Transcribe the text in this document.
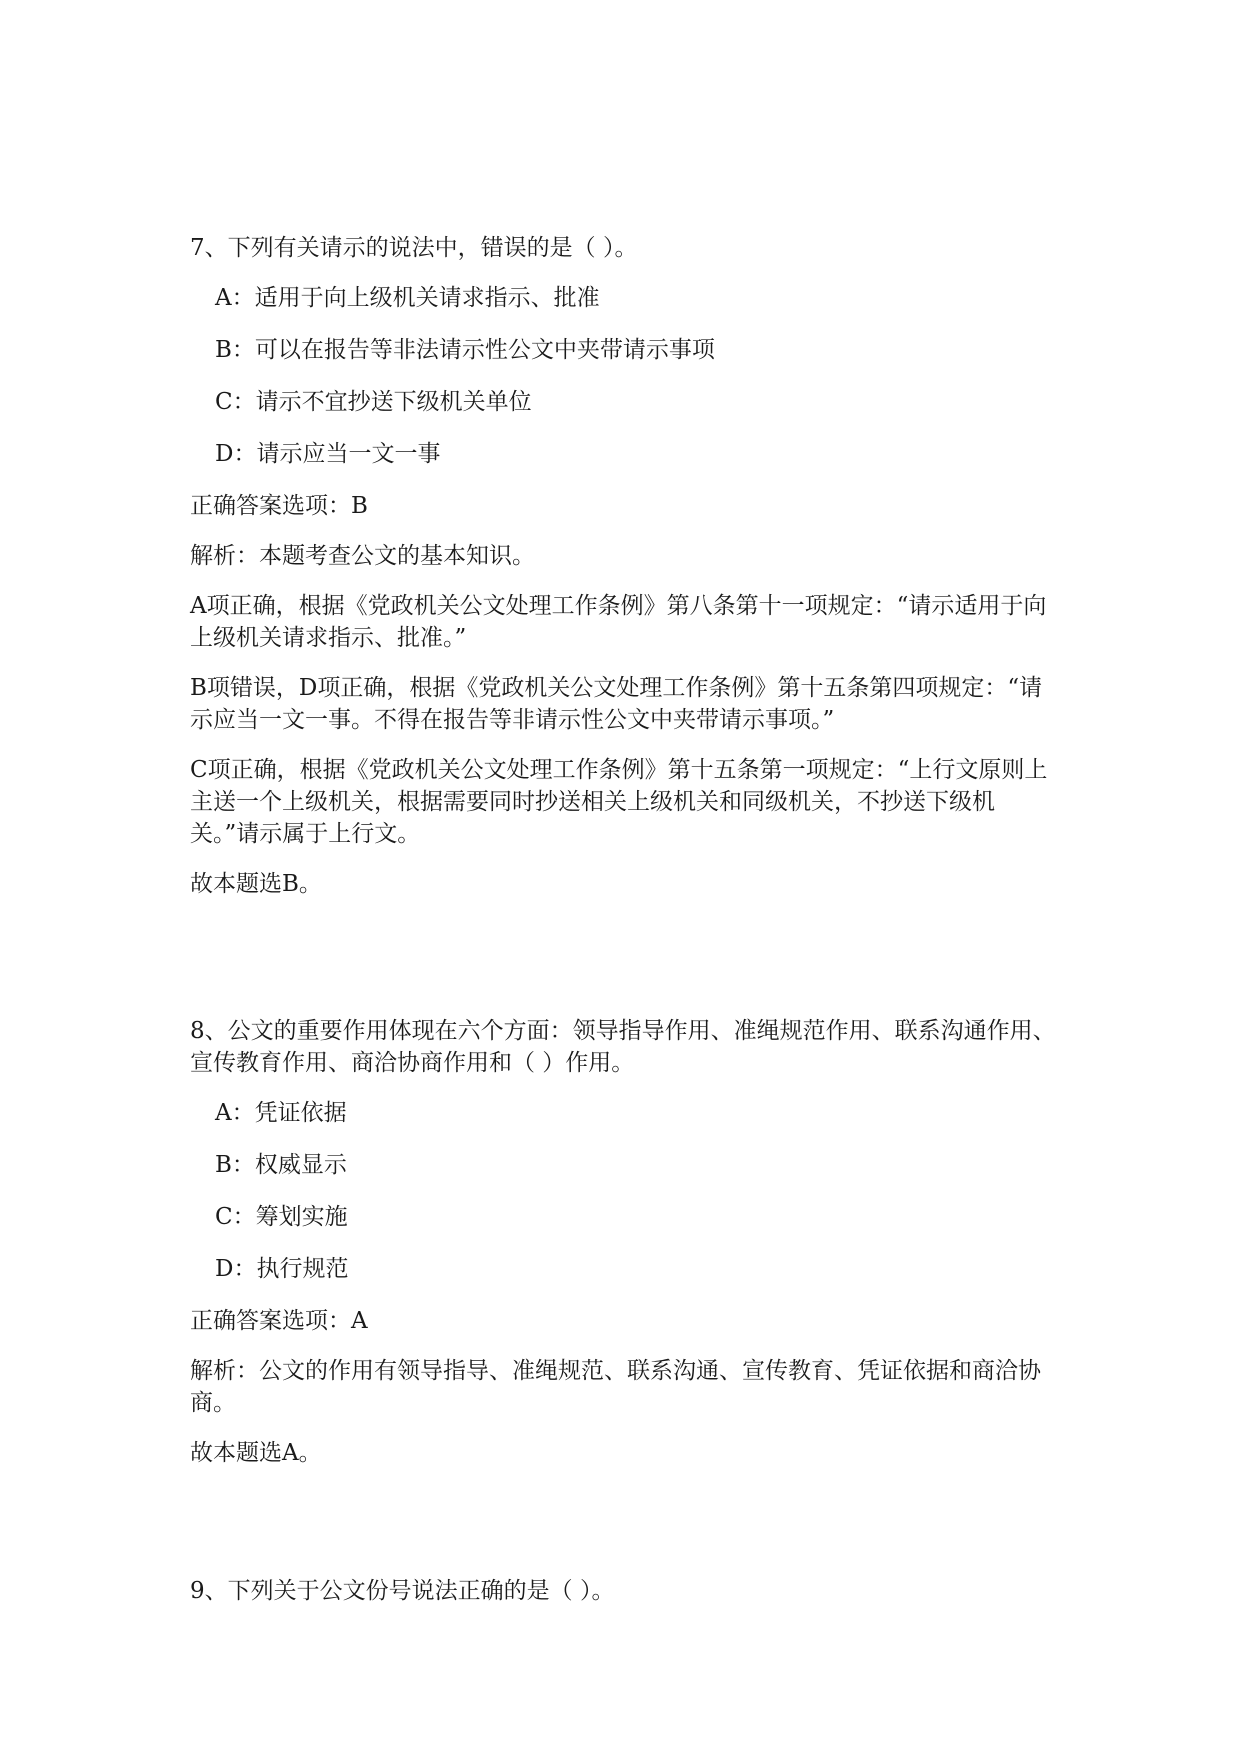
7、下列有关请示的说法中，错误的是（ ）。

A：适用于向上级机关请求指示、批准

B：可以在报告等非法请示性公文中夹带请示事项

C：请示不宜抄送下级机关单位

D：请示应当一文一事

正确答案选项：B

解析：本题考查公文的基本知识。

A项正确，根据《党政机关公文处理工作条例》第八条第十一项规定：“请示适用于向上级机关请求指示、批准。”

B项错误，D项正确，根据《党政机关公文处理工作条例》第十五条第四项规定：“请示应当一文一事。不得在报告等非请示性公文中夹带请示事项。”

C项正确，根据《党政机关公文处理工作条例》第十五条第一项规定：“上行文原则上主送一个上级机关，根据需要同时抄送相关上级机关和同级机关，不抄送下级机关。”请示属于上行文。

故本题选B。

8、公文的重要作用体现在六个方面：领导指导作用、准绳规范作用、联系沟通作用、宣传教育作用、商洽协商作用和（ ）作用。

A：凭证依据

B：权威显示

C：筹划实施

D：执行规范

正确答案选项：A

解析：公文的作用有领导指导、准绳规范、联系沟通、宣传教育、凭证依据和商洽协商。

故本题选A。

9、下列关于公文份号说法正确的是（ ）。
